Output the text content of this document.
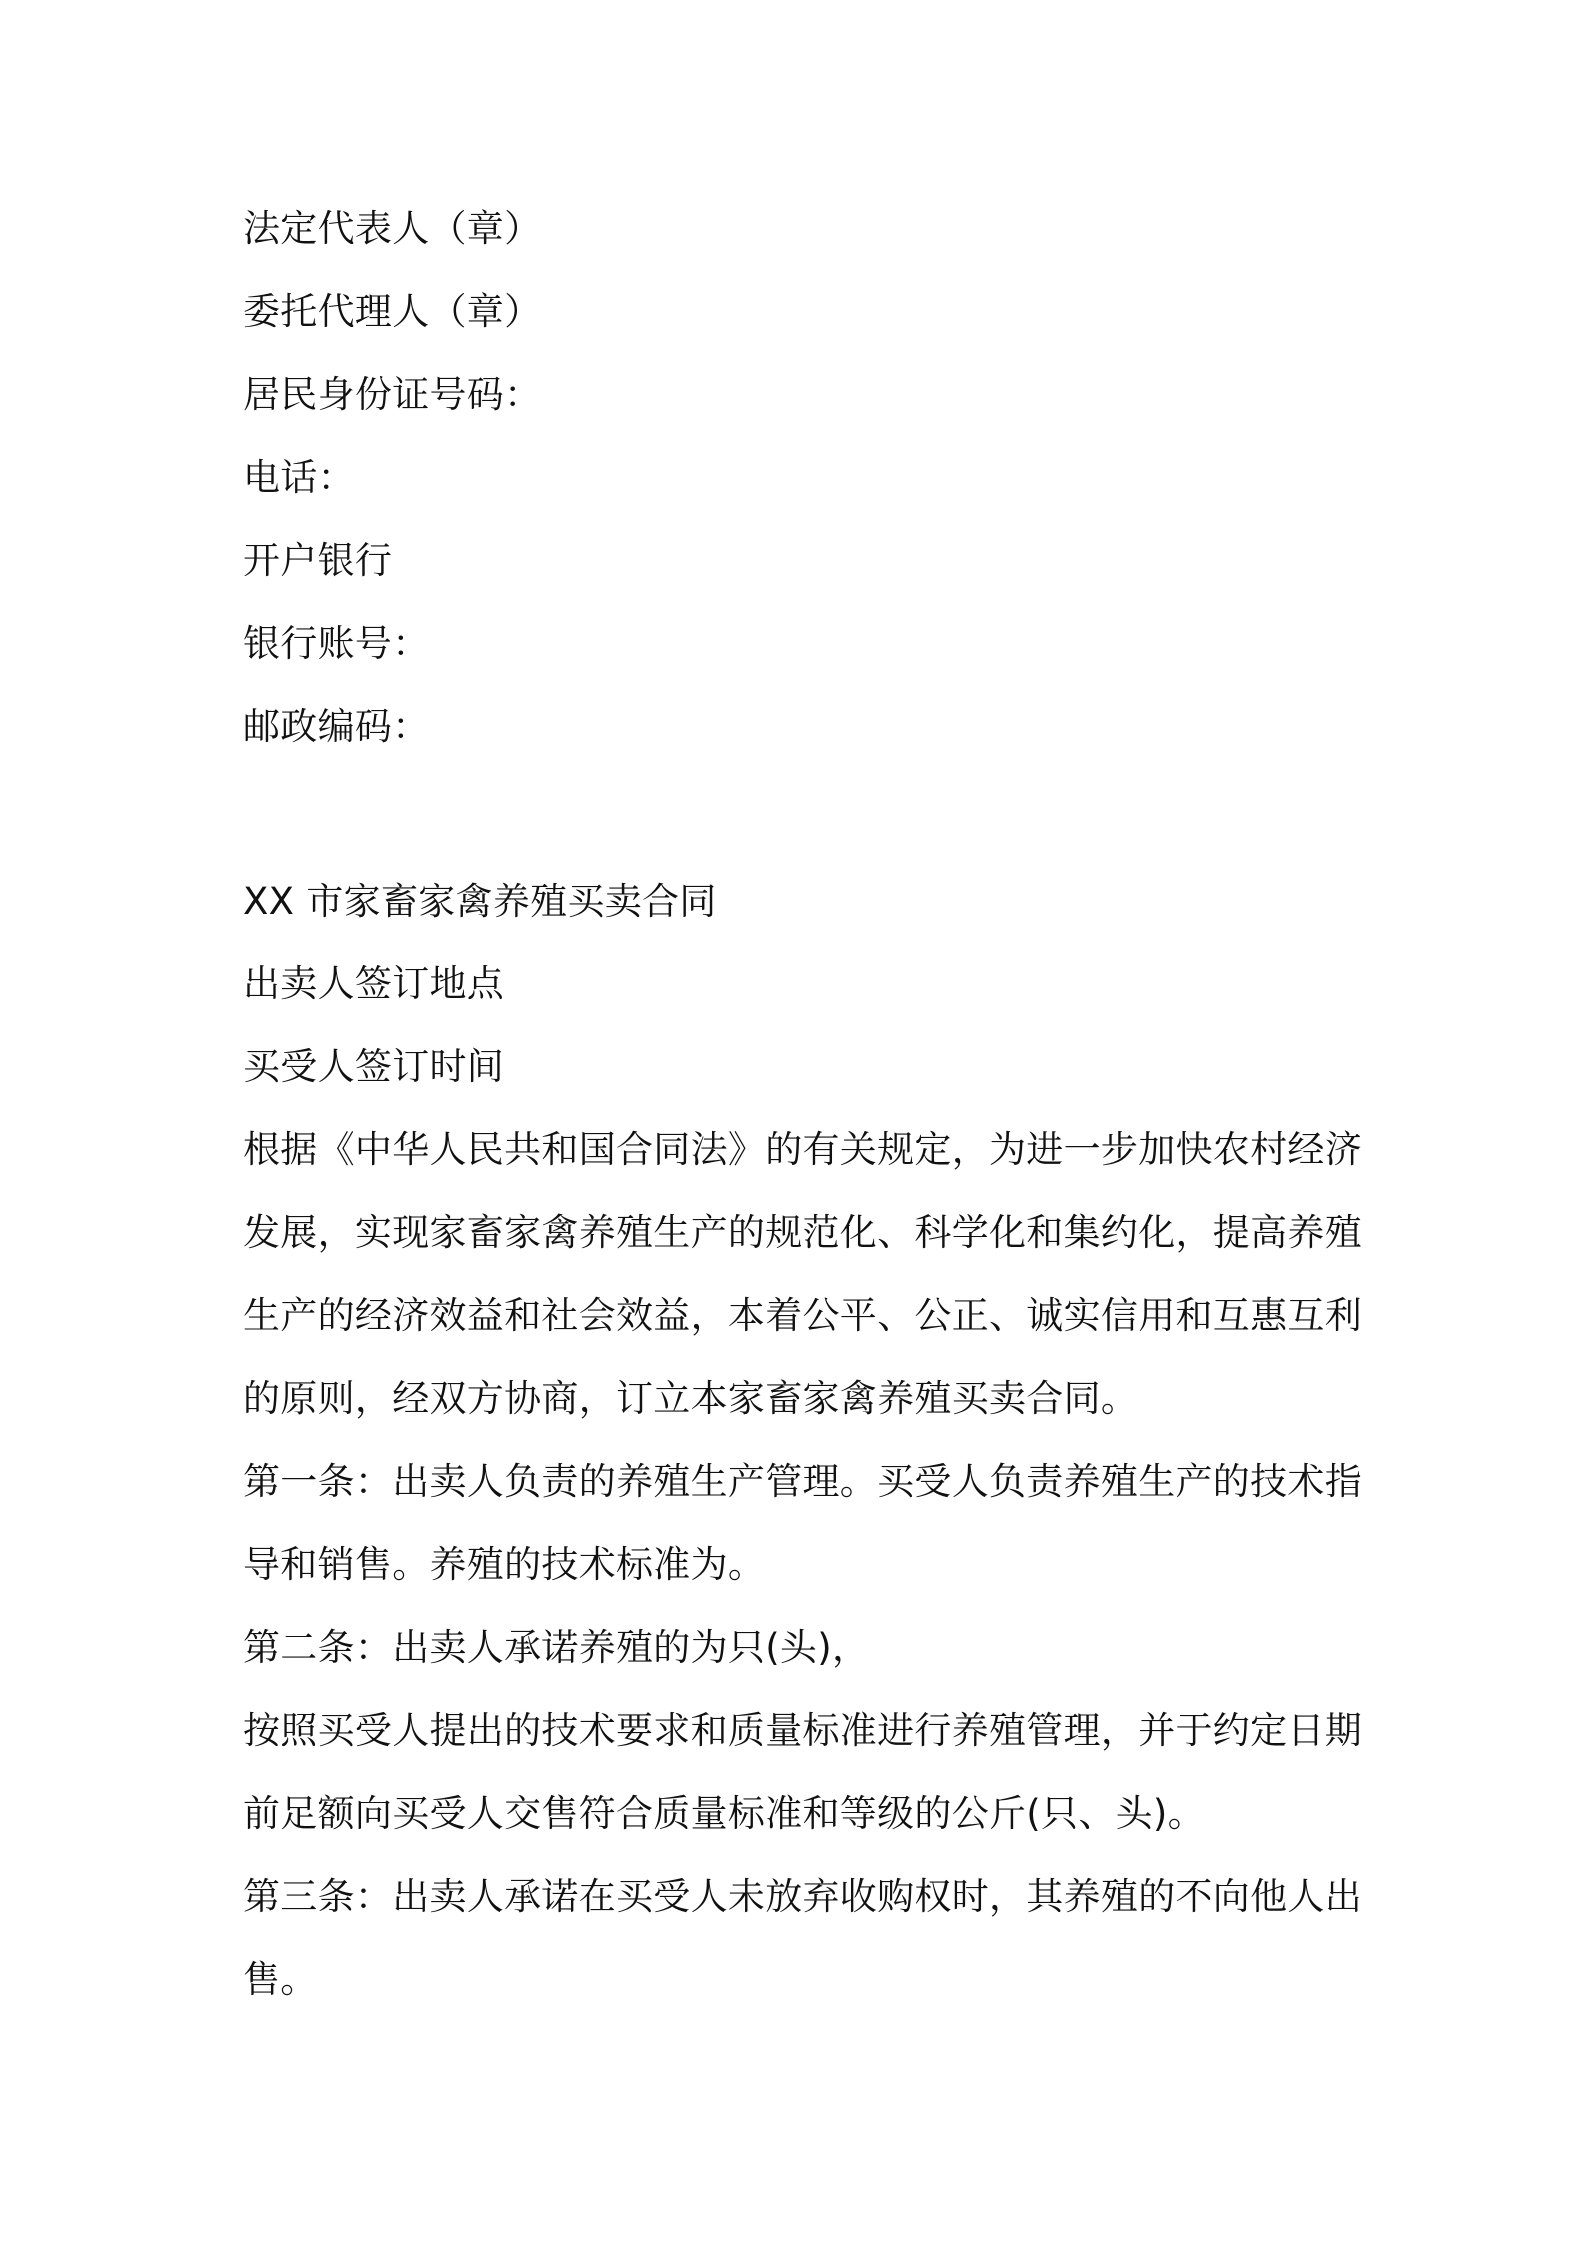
法定代表人（章）
委托代理人（章）
居民身份证号码：
电话：
开户银行
银行账号：
邮政编码：
XX 市家畜家禽养殖买卖合同
出卖人签订地点
买受人签订时间
根据《中华人民共和国合同法》的有关规定，为进一步加快农村经济
发展，实现家畜家禽养殖生产的规范化、科学化和集约化，提高养殖
生产的经济效益和社会效益，本着公平、公正、诚实信用和互惠互利
的原则，经双方协商，订立本家畜家禽养殖买卖合同。
第一条：出卖人负责的养殖生产管理。买受人负责养殖生产的技术指
导和销售。养殖的技术标准为。
第二条：出卖人承诺养殖的为只(头)，
按照买受人提出的技术要求和质量标准进行养殖管理，并于约定日期
前足额向买受人交售符合质量标准和等级的公斤(只、头)。
第三条：出卖人承诺在买受人未放弃收购权时，其养殖的不向他人出
售。
